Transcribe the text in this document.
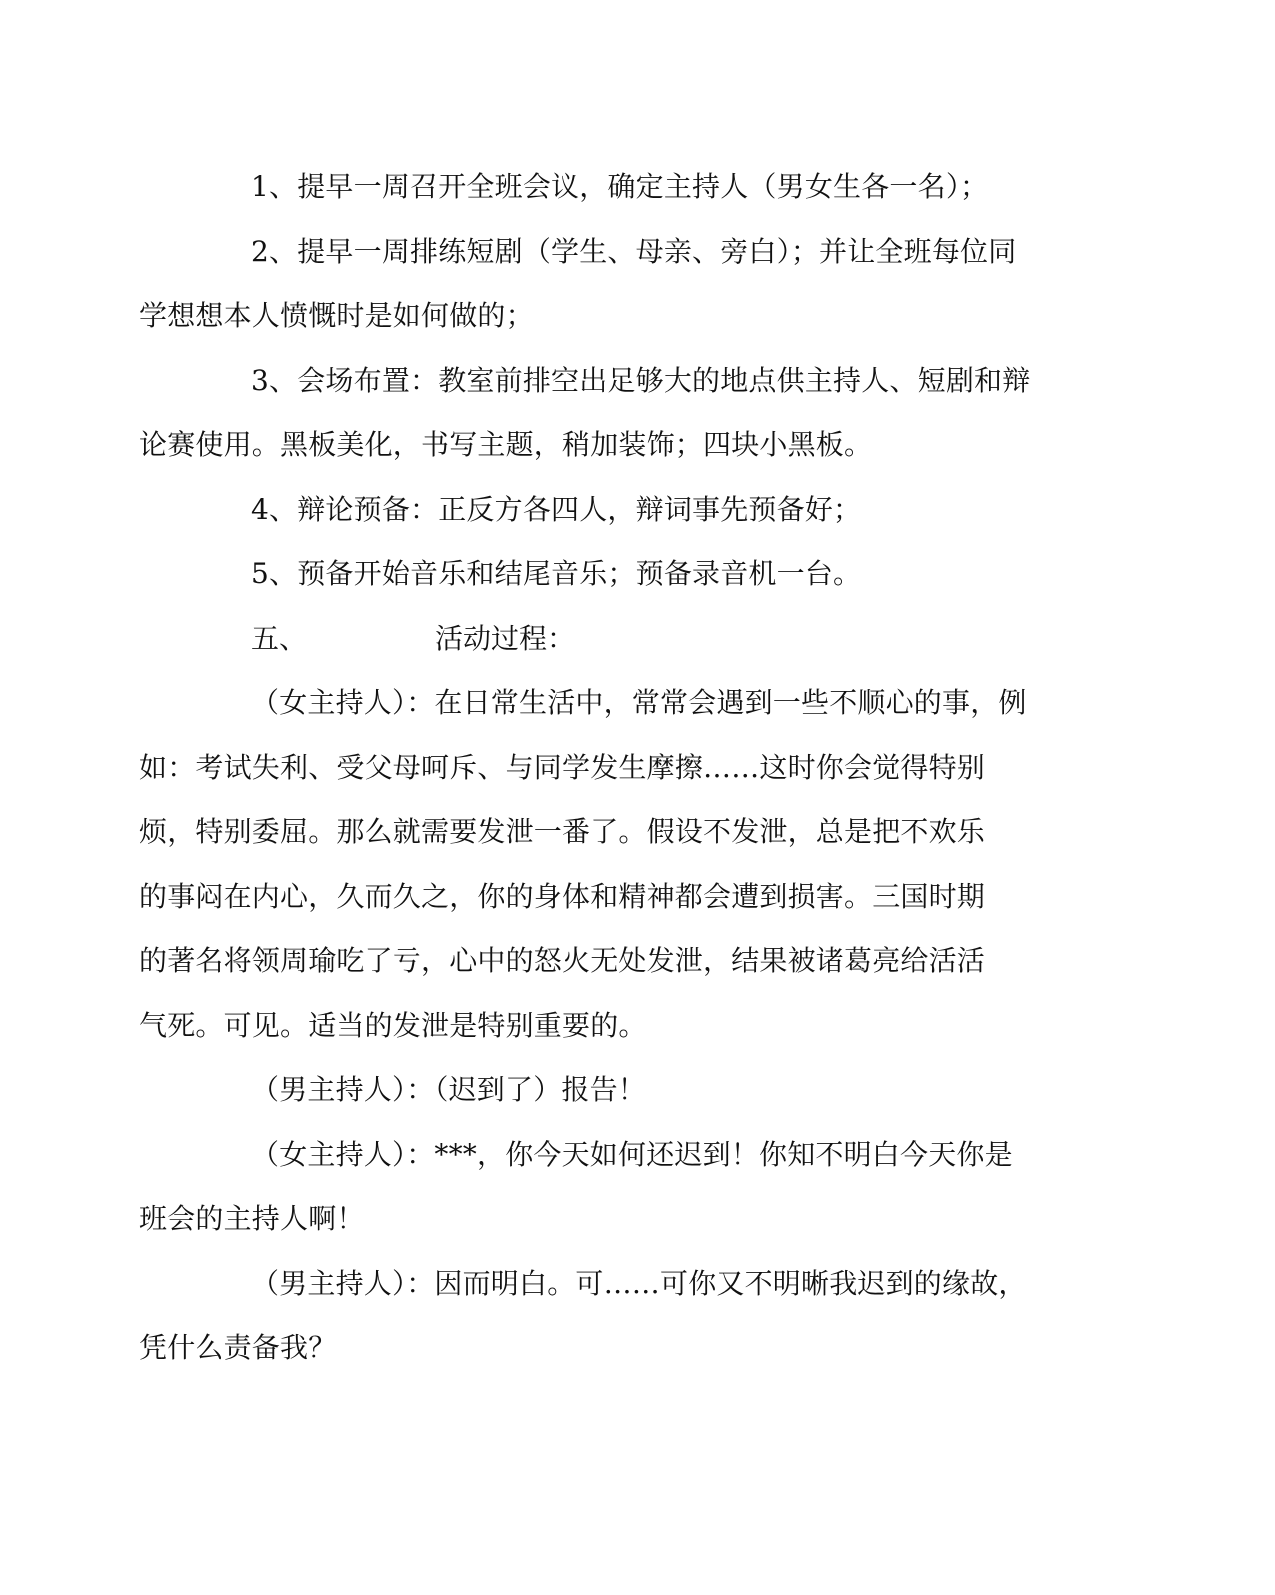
1、提早一周召开全班会议，确定主持人（男女生各一名）；

2、提早一周排练短剧（学生、母亲、旁白）；并让全班每位同
学想想本人愤慨时是如何做的；

3、会场布置：教室前排空出足够大的地点供主持人、短剧和辩
论赛使用。黑板美化，书写主题，稍加装饰；四块小黑板。

4、辩论预备：正反方各四人，辩词事先预备好；

5、预备开始音乐和结尾音乐；预备录音机一台。

五、	活动过程：

（女主持人）：在日常生活中，常常会遇到一些不顺心的事，例
如：考试失利、受父母呵斥、与同学发生摩擦……这时你会觉得特别
烦，特别委屈。那么就需要发泄一番了。假设不发泄，总是把不欢乐
的事闷在内心，久而久之，你的身体和精神都会遭到损害。三国时期
的著名将领周瑜吃了亏，心中的怒火无处发泄，结果被诸葛亮给活活
气死。可见。适当的发泄是特别重要的。

（男主持人）：（迟到了）报告！

（女主持人）：***，你今天如何还迟到！你知不明白今天你是
班会的主持人啊！

（男主持人）：因而明白。可……可你又不明晰我迟到的缘故，
凭什么责备我？
